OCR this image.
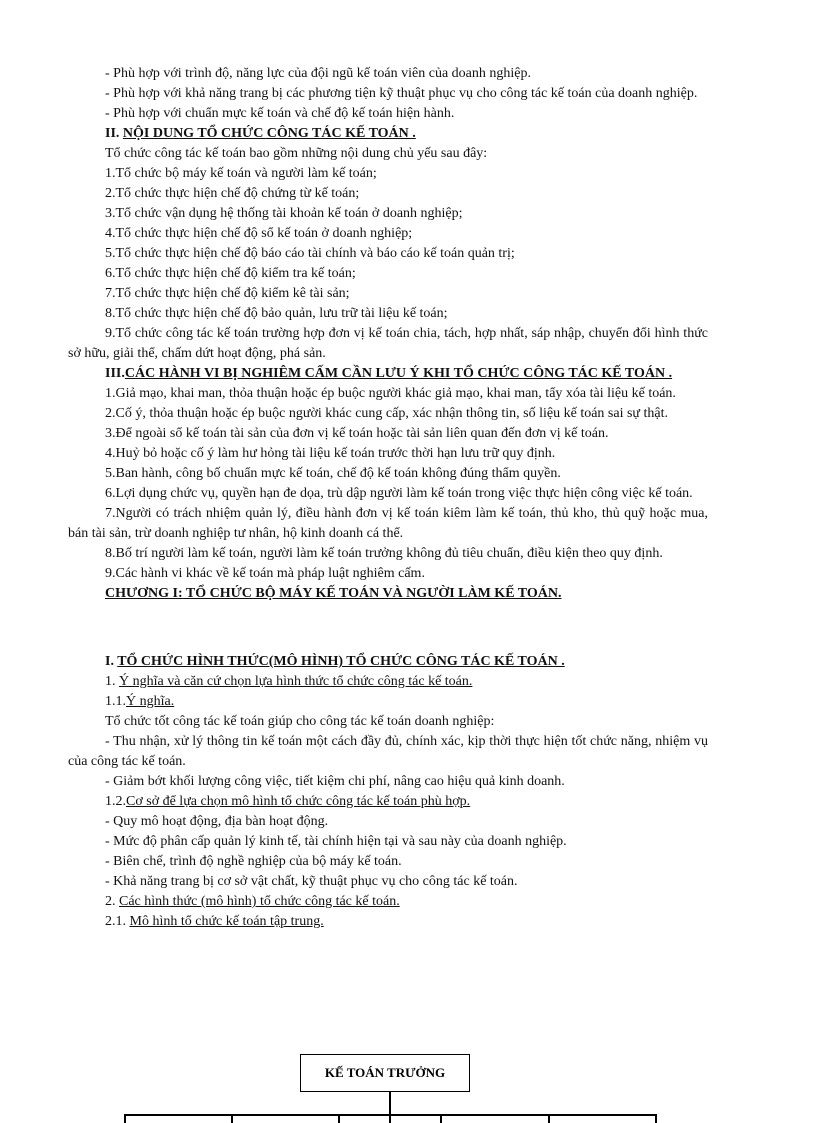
- Phù hợp với trình độ, năng lực của đội ngũ kế toán viên của doanh nghiệp.

- Phù hợp với khả năng trang bị các phương tiện kỹ thuật phục vụ cho công tác kế toán của doanh nghiệp.

- Phù hợp với chuẩn mực kế toán và chế độ kế toán hiện hành.

II. NỘI DUNG TỔ CHỨC CÔNG TÁC KẾ TOÁN .

Tổ chức công tác kế toán bao gồm những nội dung chủ yếu sau đây:

1.Tổ chức bộ máy kế toán và người làm kế toán;

2.Tổ chức thực hiện chế độ chứng từ kế toán;

3.Tổ chức vận dụng hệ thống tài khoản kế toán ở doanh nghiệp;

4.Tổ chức thực hiện chế độ sổ kế toán ở doanh nghiệp;

5.Tổ chức thực hiện chế độ báo cáo tài chính và báo cáo kế toán quản trị;

6.Tổ chức thực hiện chế độ kiểm tra kế toán;

7.Tổ chức thực hiện chế độ kiểm kê tài sản;

8.Tổ chức thực hiện chế độ bảo quản, lưu trữ tài liệu kế toán;

9.Tổ chức công tác kế toán trường hợp đơn vị kế toán chia, tách, hợp nhất, sáp nhập, chuyển đổi hình thức sở hữu, giải thể, chấm dứt hoạt động, phá sản.

III.CÁC HÀNH VI BỊ NGHIÊM CẤM CẦN LƯU Ý KHI TỔ CHỨC CÔNG TÁC KẾ TOÁN .

1.Giả mạo, khai man, thỏa thuận hoặc ép buộc người khác giả mạo, khai man, tẩy xóa tài liệu kế toán.

2.Cố ý, thỏa thuận hoặc ép buộc người khác cung cấp, xác nhận thông tin, số liệu kế toán sai sự thật.

3.Để ngoài sổ kế toán tài sản của đơn vị kế toán hoặc tài sản liên quan đến đơn vị kế toán.

4.Huỷ bỏ hoặc cố ý làm hư hỏng tài liệu kế toán trước thời hạn lưu trữ quy định.

5.Ban hành, công bố chuẩn mực kế toán, chế độ kế toán không đúng thẩm quyền.

6.Lợi dụng chức vụ, quyền hạn đe dọa, trù dập người làm kế toán trong việc thực hiện công việc kế toán.

7.Người có trách nhiệm quản lý, điều hành đơn vị kế toán kiêm làm kế toán, thủ kho, thủ quỹ hoặc mua, bán tài sản, trừ doanh nghiệp tư nhân, hộ kinh doanh cá thể.

8.Bố trí người làm kế toán, người làm kế toán trưởng không đủ tiêu chuẩn, điều kiện theo quy định.

9.Các hành vi khác về kế toán mà pháp luật nghiêm cấm.

CHƯƠNG I: TỔ CHỨC BỘ MÁY KẾ TOÁN VÀ NGƯỜI LÀM KẾ TOÁN.

I. TỔ CHỨC HÌNH THỨC(MÔ HÌNH) TỔ CHỨC CÔNG TÁC KẾ TOÁN .

1. Ý nghĩa và căn cứ chọn lựa hình thức tổ chức công tác kế toán.

1.1.Ý nghĩa.

Tổ chức tốt công tác kế toán giúp cho công tác kế toán doanh nghiệp:

- Thu nhận, xử lý thông tin kế toán một cách đầy đủ, chính xác, kịp thời thực hiện tốt chức năng, nhiệm vụ của công tác kế toán.

- Giảm bớt khối lượng công việc, tiết kiệm chi phí, nâng cao hiệu quả kinh doanh.

1.2.Cơ sở để lựa chọn mô hình tổ chức công tác kế toán phù hợp.

- Quy mô hoạt động, địa bàn hoạt động.

- Mức độ phân cấp quản lý kinh tế, tài chính hiện tại và sau này của doanh nghiệp.

- Biên chế, trình độ nghề nghiệp của bộ máy kế toán.

- Khả năng trang bị cơ sở vật chất, kỹ thuật phục vụ cho công tác kế toán.

2. Các hình thức (mô hình) tổ chức công tác kế toán.

2.1. Mô hình tổ chức kế toán tập trung.

KẾ TOÁN TRƯỞNG
